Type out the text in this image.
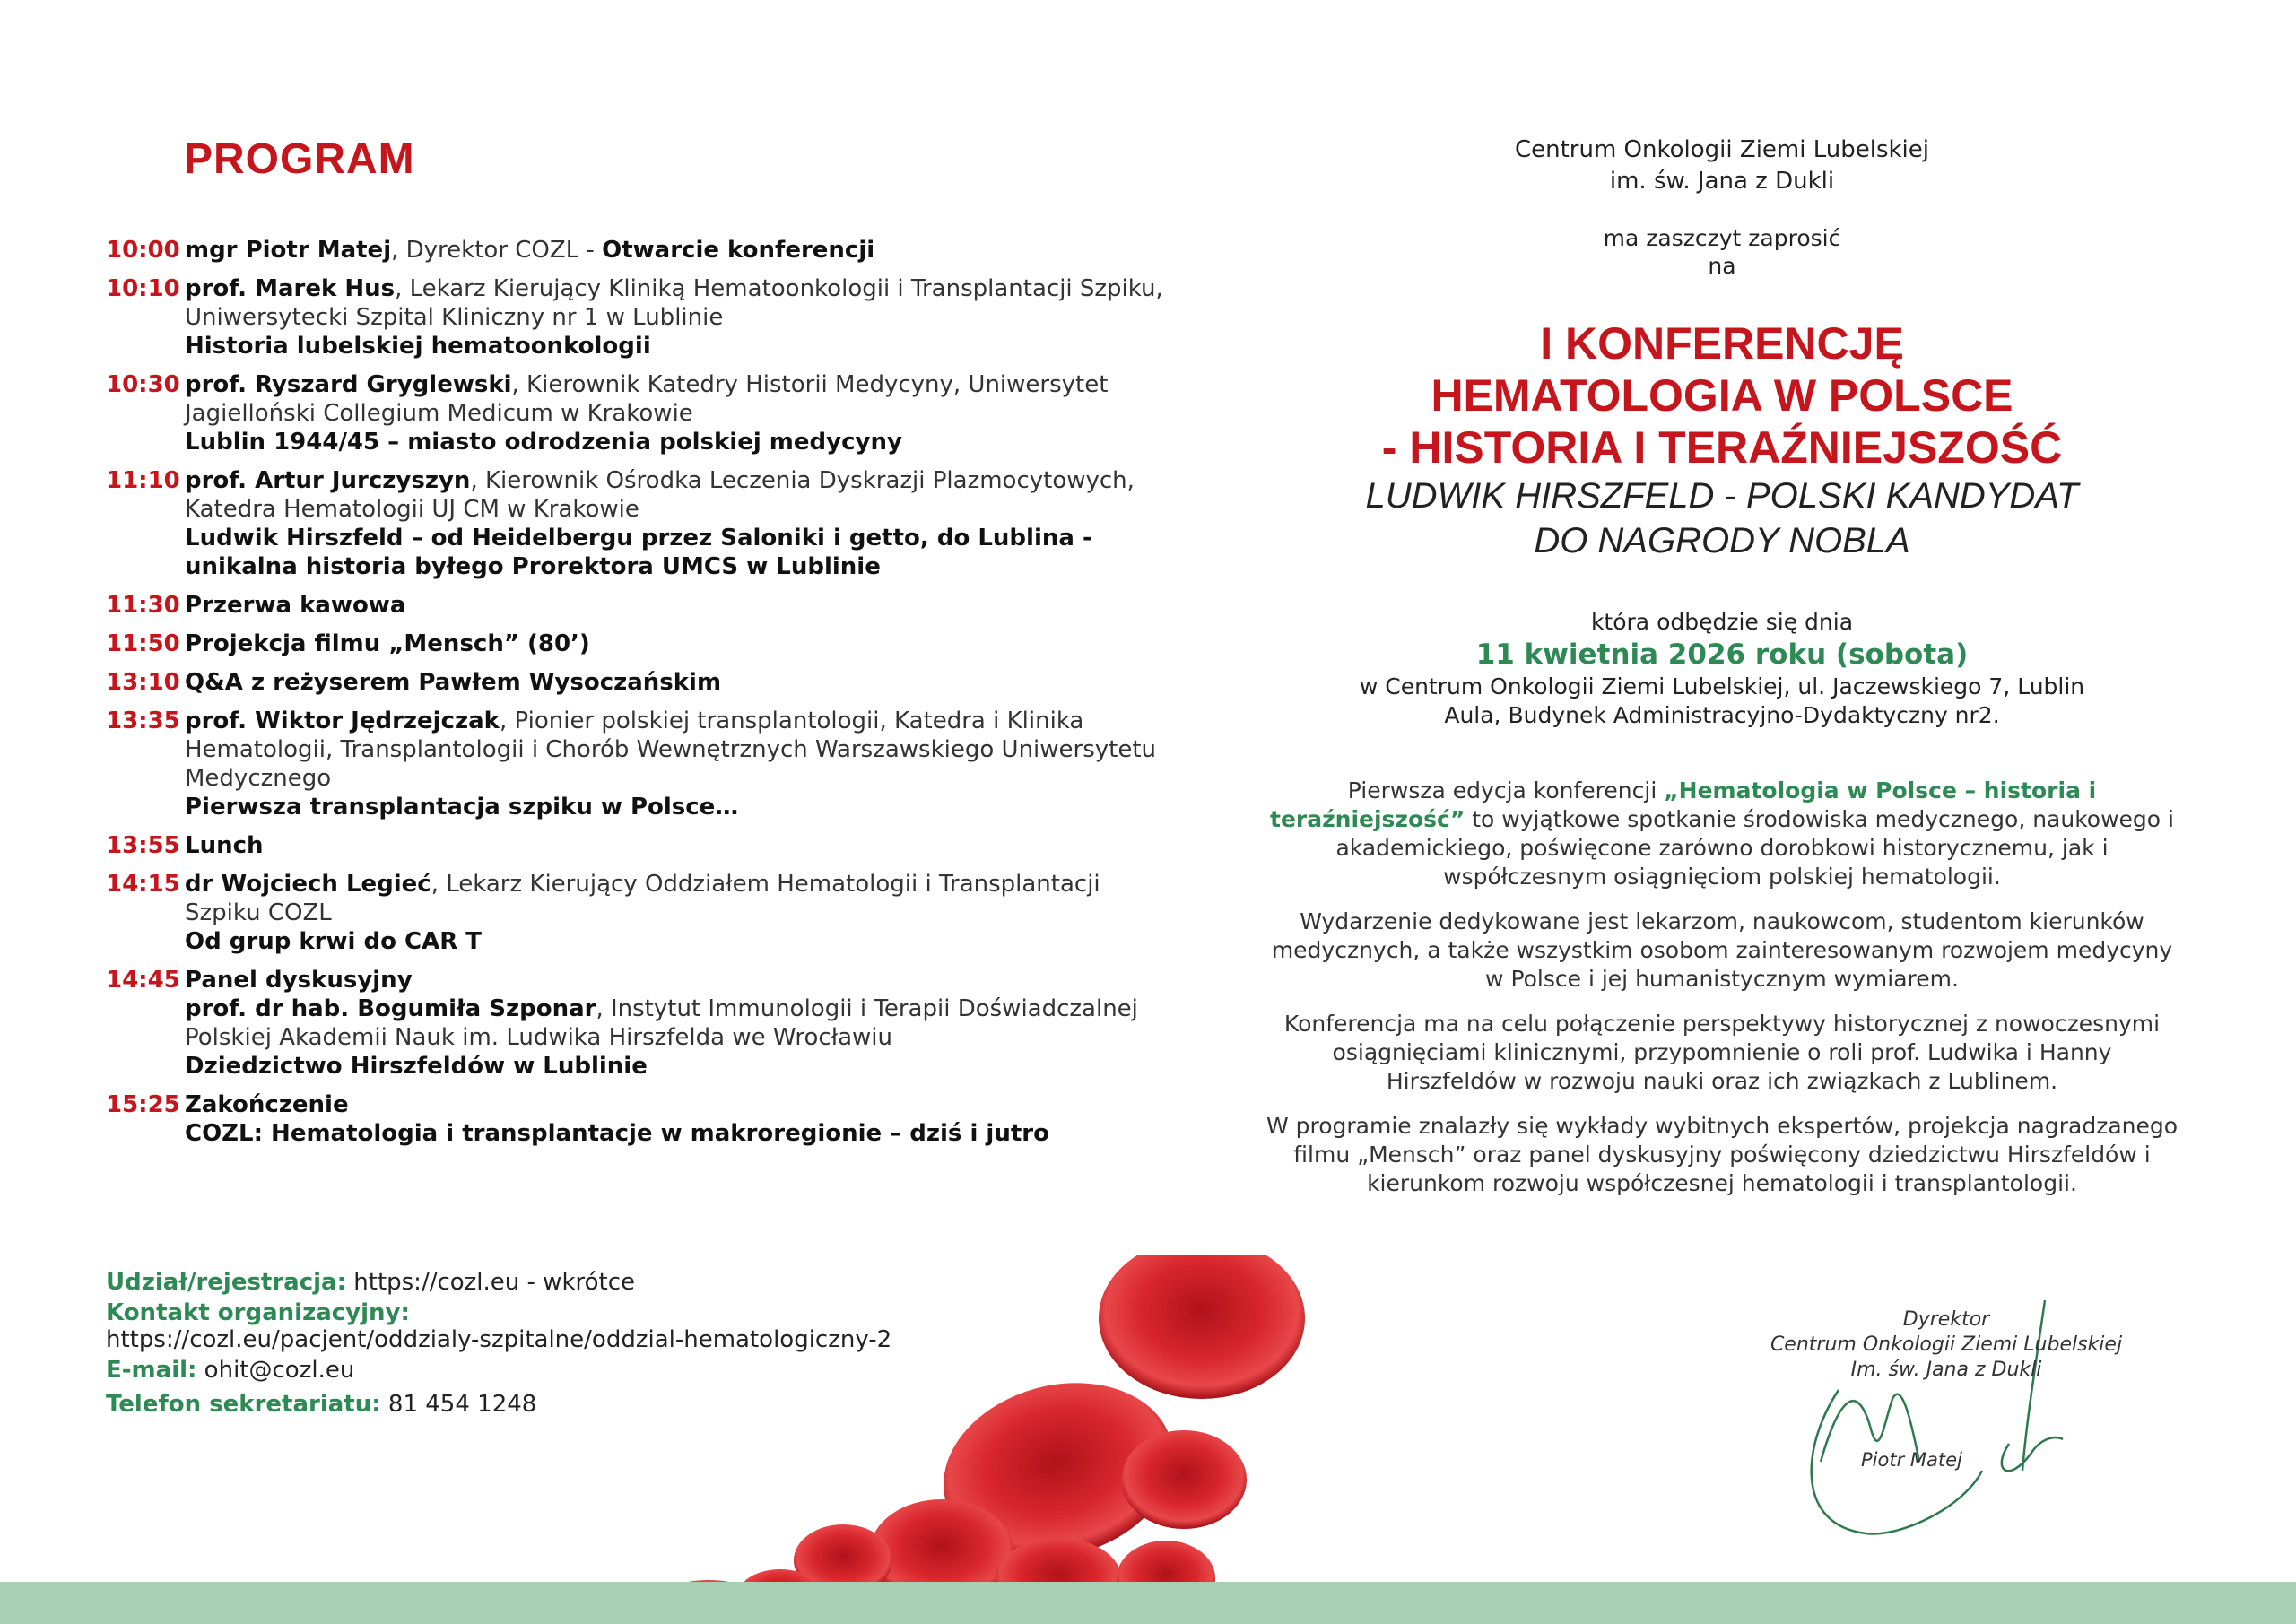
PROGRAM
10:00 mgr Piotr Matej, Dyrektor COZL - Otwarcie konferencji
10:10 prof. Marek Hus, Lekarz Kierujący Kliniką Hematoonkologii i Transplantacji Szpiku, Uniwersytecki Szpital Kliniczny nr 1 w Lublinie
Historia lubelskiej hematoonkologii
10:30 prof. Ryszard Gryglewski, Kierownik Katedry Historii Medycyny, Uniwersytet Jagielloński Collegium Medicum w Krakowie
Lublin 1944/45 – miasto odrodzenia polskiej medycyny
11:10 prof. Artur Jurczyszyn, Kierownik Ośrodka Leczenia Dyskrazji Plazmocytowych, Katedra Hematologii UJ CM w Krakowie
Ludwik Hirszfeld – od Heidelbergu przez Saloniki i getto, do Lublina - unikalna historia byłego Prorektora UMCS w Lublinie
11:30 Przerwa kawowa
11:50 Projekcja filmu „Mensch” (80’)
13:10 Q&A z reżyserem Pawłem Wysoczańskim
13:35 prof. Wiktor Jędrzejczak, Pionier polskiej transplantologii, Katedra i Klinika Hematologii, Transplantologii i Chorób Wewnętrznych Warszawskiego Uniwersytetu Medycznego
Pierwsza transplantacja szpiku w Polsce…
13:55 Lunch
14:15 dr Wojciech Legieć, Lekarz Kierujący Oddziałem Hematologii i Transplantacji Szpiku COZL
Od grup krwi do CAR T
14:45 Panel dyskusyjny
prof. dr hab. Bogumiła Szponar, Instytut Immunologii i Terapii Doświadczalnej Polskiej Akademii Nauk im. Ludwika Hirszfelda we Wrocławiu
Dziedzictwo Hirszfeldów w Lublinie
15:25 Zakończenie
COZL: Hematologia i transplantacje w makroregionie – dziś i jutro
Udział/rejestracja: https://cozl.eu - wkrótce
Kontakt organizacyjny:
https://cozl.eu/pacjent/oddzialy-szpitalne/oddzial-hematologiczny-2
E-mail: ohit@cozl.eu
Telefon sekretariatu: 81 454 1248
Centrum Onkologii Ziemi Lubelskiej
im. św. Jana z Dukli
ma zaszczyt zaprosić
na
I KONFERENCJĘ
HEMATOLOGIA W POLSCE
- HISTORIA I TERAŹNIEJSZOŚĆ
LUDWIK HIRSZFELD - POLSKI KANDYDAT
DO NAGRODY NOBLA
która odbędzie się dnia
11 kwietnia 2026 roku (sobota)
w Centrum Onkologii Ziemi Lubelskiej, ul. Jaczewskiego 7, Lublin
Aula, Budynek Administracyjno-Dydaktyczny nr2.

Pierwsza edycja konferencji „Hematologia w Polsce – historia i teraźniejszość” to wyjątkowe spotkanie środowiska medycznego, naukowego i akademickiego, poświęcone zarówno dorobkowi historycznemu, jak i współczesnym osiągnięciom polskiej hematologii.

Wydarzenie dedykowane jest lekarzom, naukowcom, studentom kierunków medycznych, a także wszystkim osobom zainteresowanym rozwojem medycyny w Polsce i jej humanistycznym wymiarem.

Konferencja ma na celu połączenie perspektywy historycznej z nowoczesnymi osiągnięciami klinicznymi, przypomnienie o roli prof. Ludwika i Hanny Hirszfeldów w rozwoju nauki oraz ich związkach z Lublinem.

W programie znalazły się wykłady wybitnych ekspertów, projekcja nagradzanego filmu „Mensch” oraz panel dyskusyjny poświęcony dziedzictwu Hirszfeldów i kierunkom rozwoju współczesnej hematologii i transplantologii.

Dyrektor
Centrum Onkologii Ziemi Lubelskiej
Im. św. Jana z Dukli
Piotr Matej
